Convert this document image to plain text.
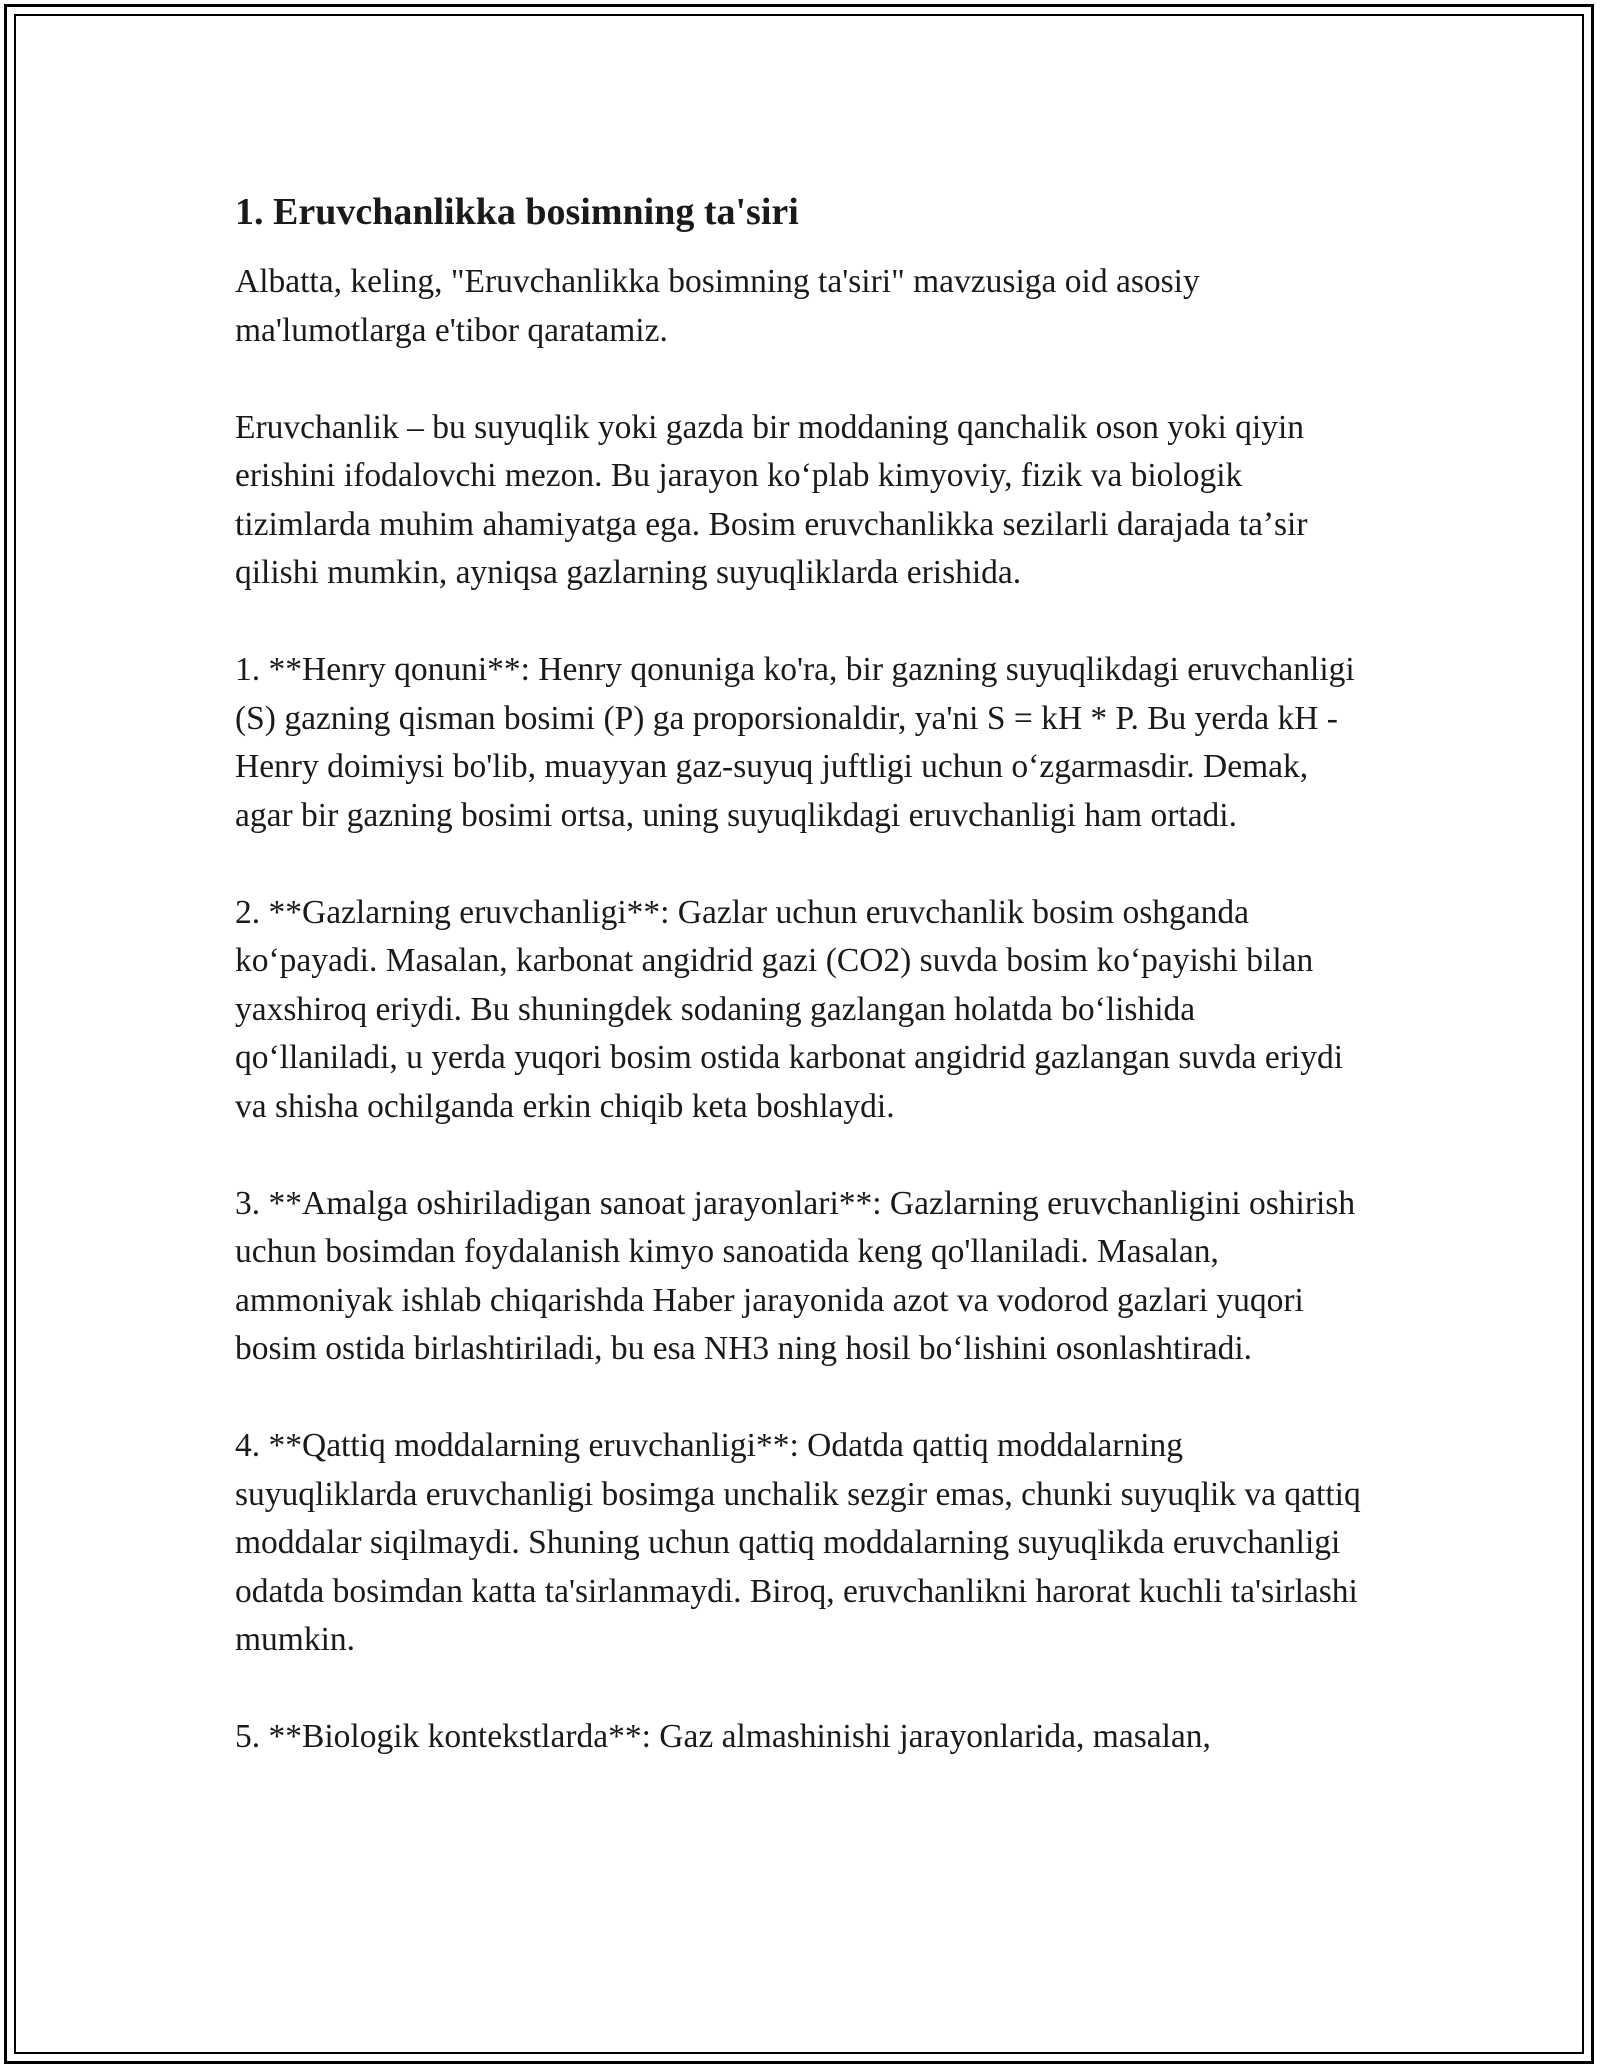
1. Eruvchanlikka bosimning ta'siri

Albatta, keling, "Eruvchanlikka bosimning ta'siri" mavzusiga oid asosiy ma'lumotlarga e'tibor qaratamiz.

Eruvchanlik – bu suyuqlik yoki gazda bir moddaning qanchalik oson yoki qiyin erishini ifodalovchi mezon. Bu jarayon koʻplab kimyoviy, fizik va biologik tizimlarda muhim ahamiyatga ega. Bosim eruvchanlikka sezilarli darajada taʼsir qilishi mumkin, ayniqsa gazlarning suyuqliklarda erishida.

1. **Henry qonuni**: Henry qonuniga ko'ra, bir gazning suyuqlikdagi eruvchanligi (S) gazning qisman bosimi (P) ga proporsionaldir, ya'ni S = kH * P. Bu yerda kH - Henry doimiysi bo'lib, muayyan gaz-suyuq juftligi uchun oʻzgarmasdir. Demak, agar bir gazning bosimi ortsa, uning suyuqlikdagi eruvchanligi ham ortadi.

2. **Gazlarning eruvchanligi**: Gazlar uchun eruvchanlik bosim oshganda koʻpayadi. Masalan, karbonat angidrid gazi (CO2) suvda bosim koʻpayishi bilan yaxshiroq eriydi. Bu shuningdek sodaning gazlangan holatda boʻlishida qoʻllaniladi, u yerda yuqori bosim ostida karbonat angidrid gazlangan suvda eriydi va shisha ochilganda erkin chiqib keta boshlaydi.

3. **Amalga oshiriladigan sanoat jarayonlari**: Gazlarning eruvchanligini oshirish uchun bosimdan foydalanish kimyo sanoatida keng qo'llaniladi. Masalan, ammoniyak ishlab chiqarishda Haber jarayonida azot va vodorod gazlari yuqori bosim ostida birlashtiriladi, bu esa NH3 ning hosil boʻlishini osonlashtiradi.

4. **Qattiq moddalarning eruvchanligi**: Odatda qattiq moddalarning suyuqliklarda eruvchanligi bosimga unchalik sezgir emas, chunki suyuqlik va qattiq moddalar siqilmaydi. Shuning uchun qattiq moddalarning suyuqlikda eruvchanligi odatda bosimdan katta ta'sirlanmaydi. Biroq, eruvchanlikni harorat kuchli ta'sirlashi mumkin.

5. **Biologik kontekstlarda**: Gaz almashinishi jarayonlarida, masalan,
